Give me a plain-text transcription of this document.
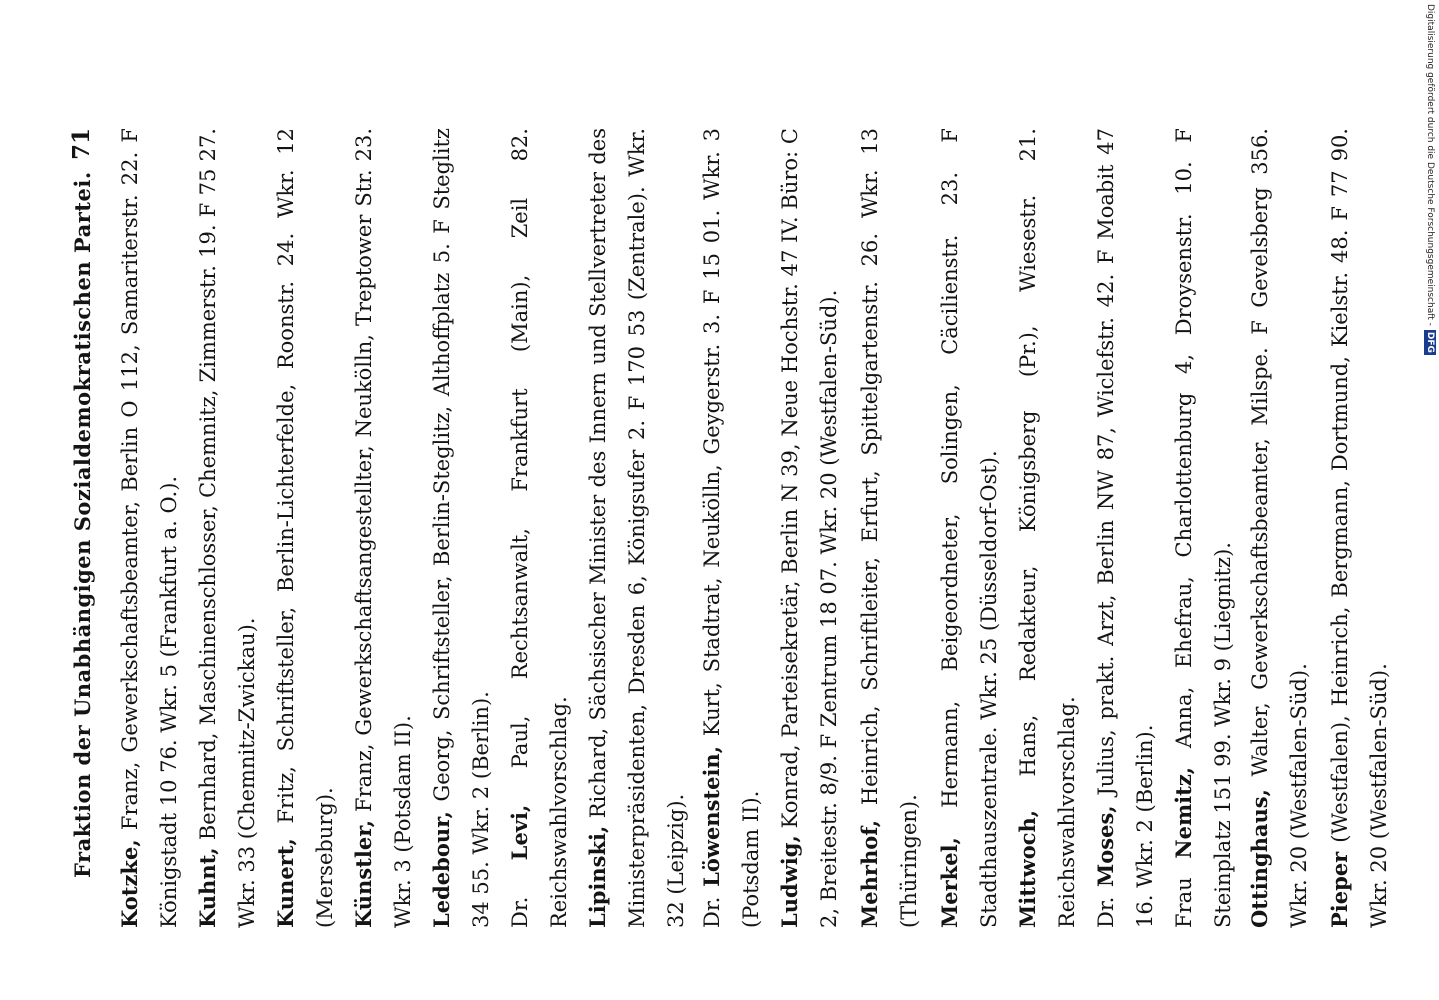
Fraktion der Unabhängigen Sozialdemokratischen Partei.
71
Kotzke, Franz, Gewerkschaftsbeamter, Berlin O 112, Samariterstr. 22. F Königstadt 10 76. Wkr. 5 (Frankfurt a. O.). Kuhnt, Bernhard, Maschinenschlosser, Chemnitz, Zimmerstr. 19. F 75 27. Wkr. 33 (Chemnitz-Zwickau). Kunert, Fritz, Schriftsteller, Berlin-Lichterfelde, Roonstr. 24. Wkr. 12 (Merseburg). Künstler, Franz, Gewerkschaftsangestellter, Neukölln, Treptower Str. 23. Wkr. 3 (Potsdam II). Ledebour, Georg, Schriftsteller, Berlin-Steglitz, Althoffplatz 5. F Steglitz 34 55. Wkr. 2 (Berlin). Dr. Levi, Paul, Rechtsanwalt, Frankfurt (Main), Zeil 82. Reichswahlvorschlag. Lipinski, Richard, Sächsischer Minister des Innern und Stellvertreter des Ministerpräsidenten, Dresden 6, Königsufer 2. F 170 53 (Zentrale). Wkr. 32 (Leipzig). Dr. Löwenstein, Kurt, Stadtrat, Neukölln, Geygerstr. 3. F 15 01. Wkr. 3 (Potsdam II). Ludwig, Konrad, Parteisekretär, Berlin N 39, Neue Hochstr. 47 IV. Büro: C 2, Breitestr. 8/9. F Zentrum 18 07. Wkr. 20 (Westfalen-Süd). Mehrhof, Heinrich, Schriftleiter, Erfurt, Spittelgartenstr. 26. Wkr. 13 (Thüringen). Merkel, Hermann, Beigeordneter, Solingen, Cäcilienstr. 23. F Stadthauszentrale. Wkr. 25 (Düsseldorf-Ost). Mittwoch, Hans, Redakteur, Königsberg (Pr.), Wiesestr. 21. Reichswahlvorschlag. Dr. Moses, Julius, prakt. Arzt, Berlin NW 87, Wiclefstr. 42. F Moabit 47 16. Wkr. 2 (Berlin). Frau Nemitz, Anna, Ehefrau, Charlottenburg 4, Droysenstr. 10. F Steinplatz 151 99. Wkr. 9 (Liegnitz). Ottinghaus, Walter, Gewerkschaftsbeamter, Milspe. F Gevelsberg 356. Wkr. 20 (Westfalen-Süd). Pieper (Westfalen), Heinrich, Bergmann, Dortmund, Kielstr. 48. F 77 90. Wkr. 20 (Westfalen-Süd).
Digitalisierung gefördert durch die Deutsche Forschungsgemeinschaft -DFG
